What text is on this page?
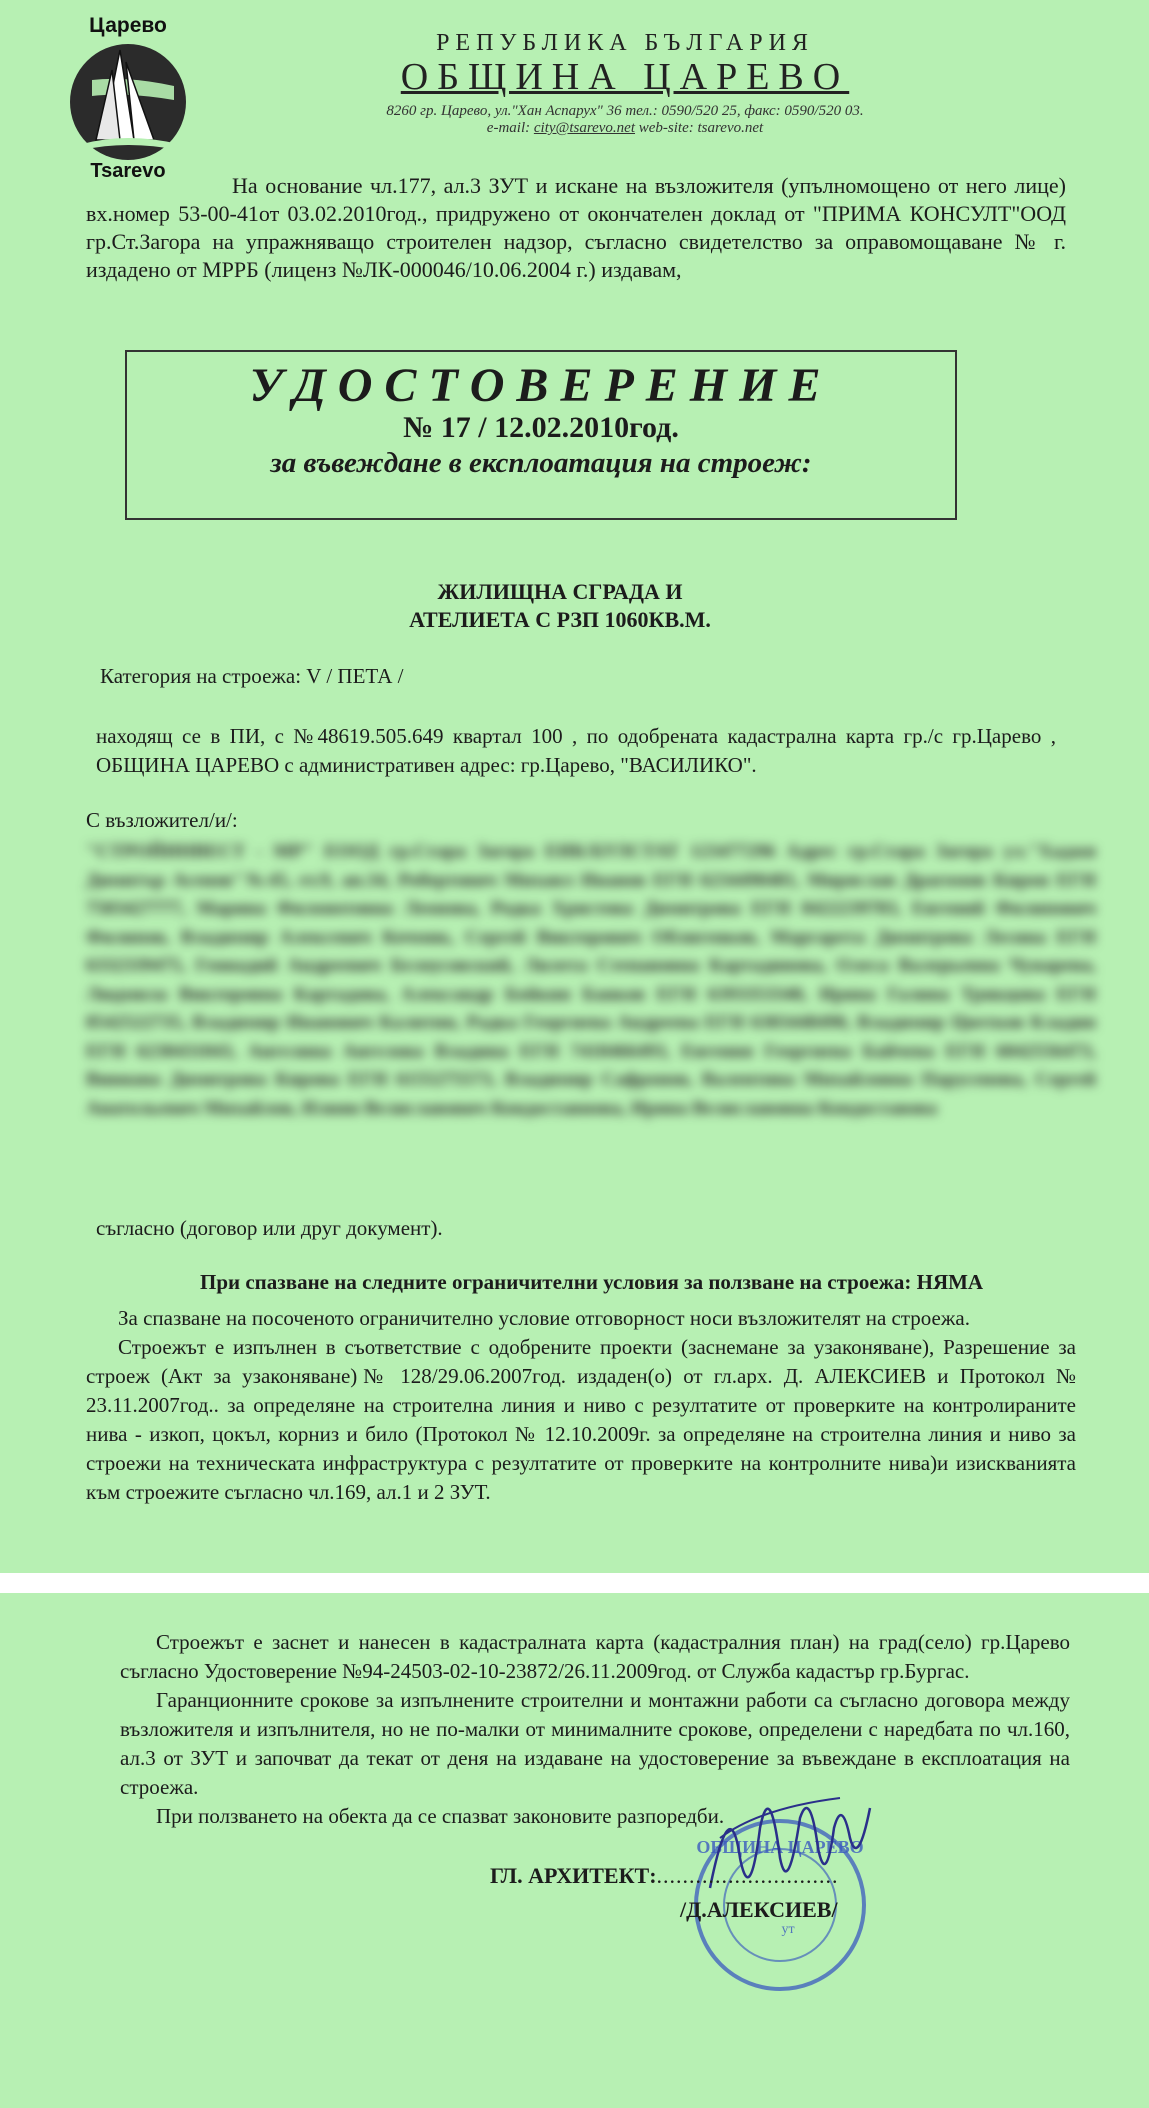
Царево
Tsarevo
РЕПУБЛИКА БЪЛГАРИЯ
ОБЩИНА ЦАРЕВО
8260 гр. Царево, ул."Хан Аспарух" 36 тел.: 0590/520 25, факс: 0590/520 03.
e-mail: city@tsarevo.net web-site: tsarevo.net

На основание чл.177, ал.3 ЗУТ и искане на възложителя (упълномощено от него лице) вх.номер 53-00-41от 03.02.2010год., придружено от окончателен доклад от "ПРИМА КОНСУЛТ"ООД гр.Ст.Загора на упражняващо строителен надзор, съгласно свидетелство за оправомощаване № г. издадено от МРРБ (лиценз №ЛК-000046/10.06.2004 г.) издавам,

УДОСТОВЕРЕНИЕ
№ 17 / 12.02.2010год.
за въвеждане в експлоатация на строеж:
ЖИЛИЩНА СГРАДА И
АТЕЛИЕТА С РЗП 1060КВ.М.
Категория на строежа: V / ПЕТА /
находящ се в ПИ, с №48619.505.649 квартал 100 , по одобрената кадастрална карта гр./с гр.Царево , ОБЩИНА ЦАРЕВО с административен адрес: гр.Царево, "ВАСИЛИКО".
С възложител/и/:
"СТРОЙИНВЕСТ - МР" ЕООД гр.Стара Загора ЕИК/БУЛСТАТ 123477296 Адрес гр.Стара Загора ул."Хаджи Димитър Асенов"№45, ет.9, ап.34, Робертович Михаил Иванов ЕГН 6234490481, Миряслав Драгомов Кирон ЕГН 7503427777, Марина Филонотовна Леонова, Родка Христова Димитрова ЕГН 8422239783, Евгений Филипович Филипов, Владимир Алексевич Кочмик, Сергей Викторович Облигенков, Маргарета Димитрова Лесина ЕГН 6332339475, Геннадий Андреевич Белоусовский, Лилета Степановна Картадинова, Олеса Валерьевна Чуварева, Людмила Викторовна Картадова, Александр Бойкин Банков ЕГН 6393353340, Ирина Галина Трикцова ЕГН 8542522735, Владимир Иванович Калитин, Радка Георгиева Андреева ЕГН 6303448490, Владимир Цветков Кладин ЕГН 6230431043, Ангелина Ангелова Владина ЕГН 7418466493, Евгения Георгиева Байчева ЕГН 6042556473, Вивиана Димитрова Кирова ЕГН 6155275573, Владимир Сафронов, Валентина Михайловна Парусенова, Сергей Анатольевич Михайлов, Илиян Велиславович Кондоставнова, Ирина Велиславовна Кондоставова
съгласно (договор или друг документ).
При спазване на следните ограничителни условия за ползване на строежа: НЯМА

За спазване на посоченото ограничително условие отговорност носи възложителят на строежа.

Строежът е изпълнен в съответствие с одобрените проекти (заснемане за узаконяване), Разрешение за строеж (Акт за узаконяване)№ 128/29.06.2007год. издаден(о) от гл.арх. Д. АЛЕКСИЕВ и Протокол № 23.11.2007год.. за определяне на строителна линия и ниво с резултатите от проверките на контролираните нива - изкоп, цокъл, корниз и било (Протокол № 12.10.2009г. за определяне на строителна линия и ниво за строежи на техническата инфраструктура с резултатите от проверките на контролните нива)и изискванията към строежите съгласно чл.169, ал.1 и 2 ЗУТ.

Строежът е заснет и нанесен в кадастралната карта (кадастралния план) на град(село) гр.Царево съгласно Удостоверение №94-24503-02-10-23872/26.11.2009год. от Служба кадастър гр.Бургас.

Гаранционните срокове за изпълнените строителни и монтажни работи са съгласно договора между възложителя и изпълнителя, но не по-малки от минималните срокове, определени с наредбата по чл.160, ал.3 от ЗУТ и започват да текат от деня на издаване на удостоверение за въвеждане в експлоатация на строежа.

При ползването на обекта да се спазват законовите разпоредби.

ОБЩИНА ЦАРЕВО
ут
ГЛ. АРХИТЕКТ:............................
/Д.АЛЕКСИЕВ/
